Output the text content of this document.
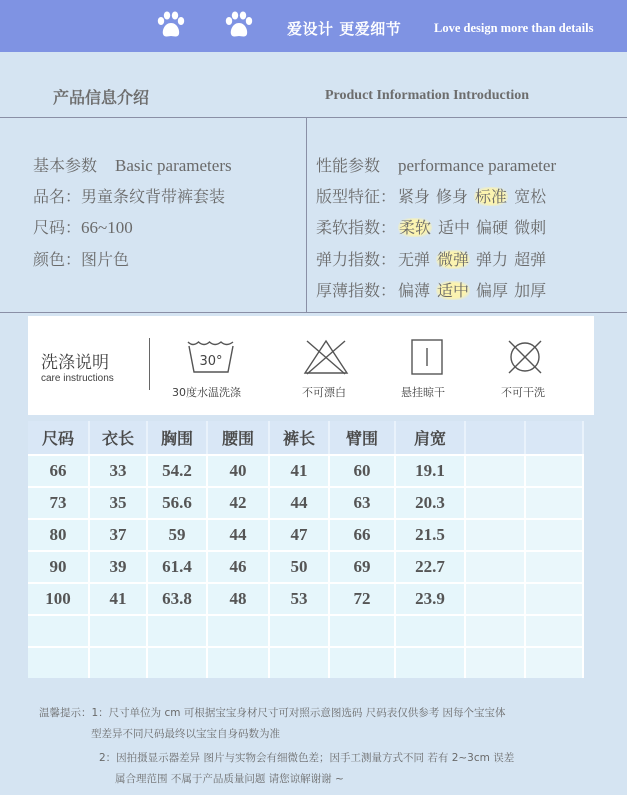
爱设计 更爱细节	Love design more than details
产品信息介绍	Product Information Introduction
基本参数 Basic parameters
品名：男童条纹背带裤套装
尺码：66~100
颜色：图片色
性能参数 performance parameter
版型特征： 紧身 修身 标准 宽松
柔软指数： 柔软 适中 偏硬 微刺
弹力指数： 无弹 微弹 弹力 超弹
厚薄指数： 偏薄 适中 偏厚 加厚
洗涤说明
care instructions
30°
30度水温洗涤	不可漂白	悬挂晾干	不可干洗
尺码	衣长	胸围	腰围	裤长	臂围	肩宽		
66	33	54.2	40	41	60	19.1		
73	35	56.6	42	44	63	20.3		
80	37	59	44	47	66	21.5		
90	39	61.4	46	50	69	22.7		
100	41	63.8	48	53	72	23.9		

温馨提示：1：尺寸单位为 cm 可根据宝宝身材尺寸可对照示意图选码 尺码表仅供参考 因每个宝宝体
型差异不同尺码最终以宝宝自身码数为准
2：因拍摄显示器差异 图片与实物会有细微色差；因手工测量方式不同 若有 2~3cm 误差
属合理范围 不属于产品质量问题 请您谅解谢谢 ~
